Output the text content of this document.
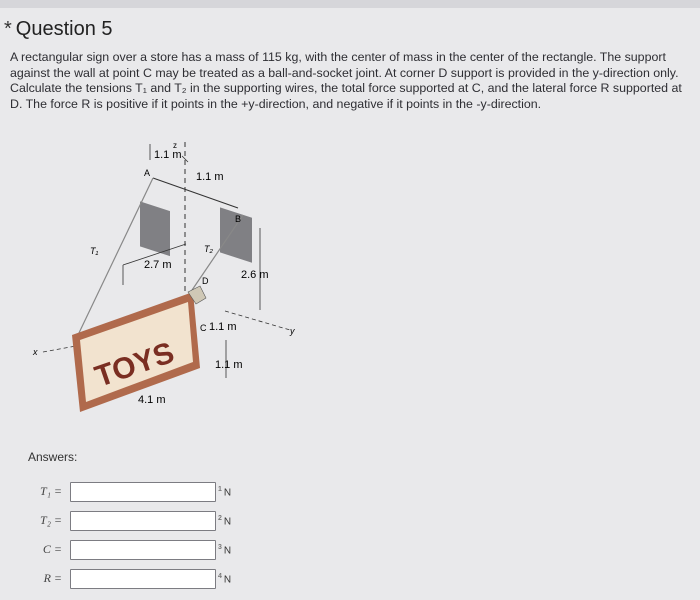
* Question 5
A rectangular sign over a store has a mass of 115 kg, with the center of mass in the center of the rectangle. The support against the wall at point C may be treated as a ball-and-socket joint. At corner D support is provided in the y-direction only. Calculate the tensions T₁ and T₂ in the supporting wires, the total force supported at C, and the lateral force R supported at D. The force R is positive if it points in the +y-direction, and negative if it points in the -y-direction.
z
T₁	T₂
A
B
D
C
1.1 m
1.1 m
2.7 m
2.6 m
y
1.1 m
1.1 m
x TOYS
4.1 m
Answers:
T₁ =	$^1$ N
T₂ =	$^2$ N
C =	$^3$ N
R =	$^4$ N
